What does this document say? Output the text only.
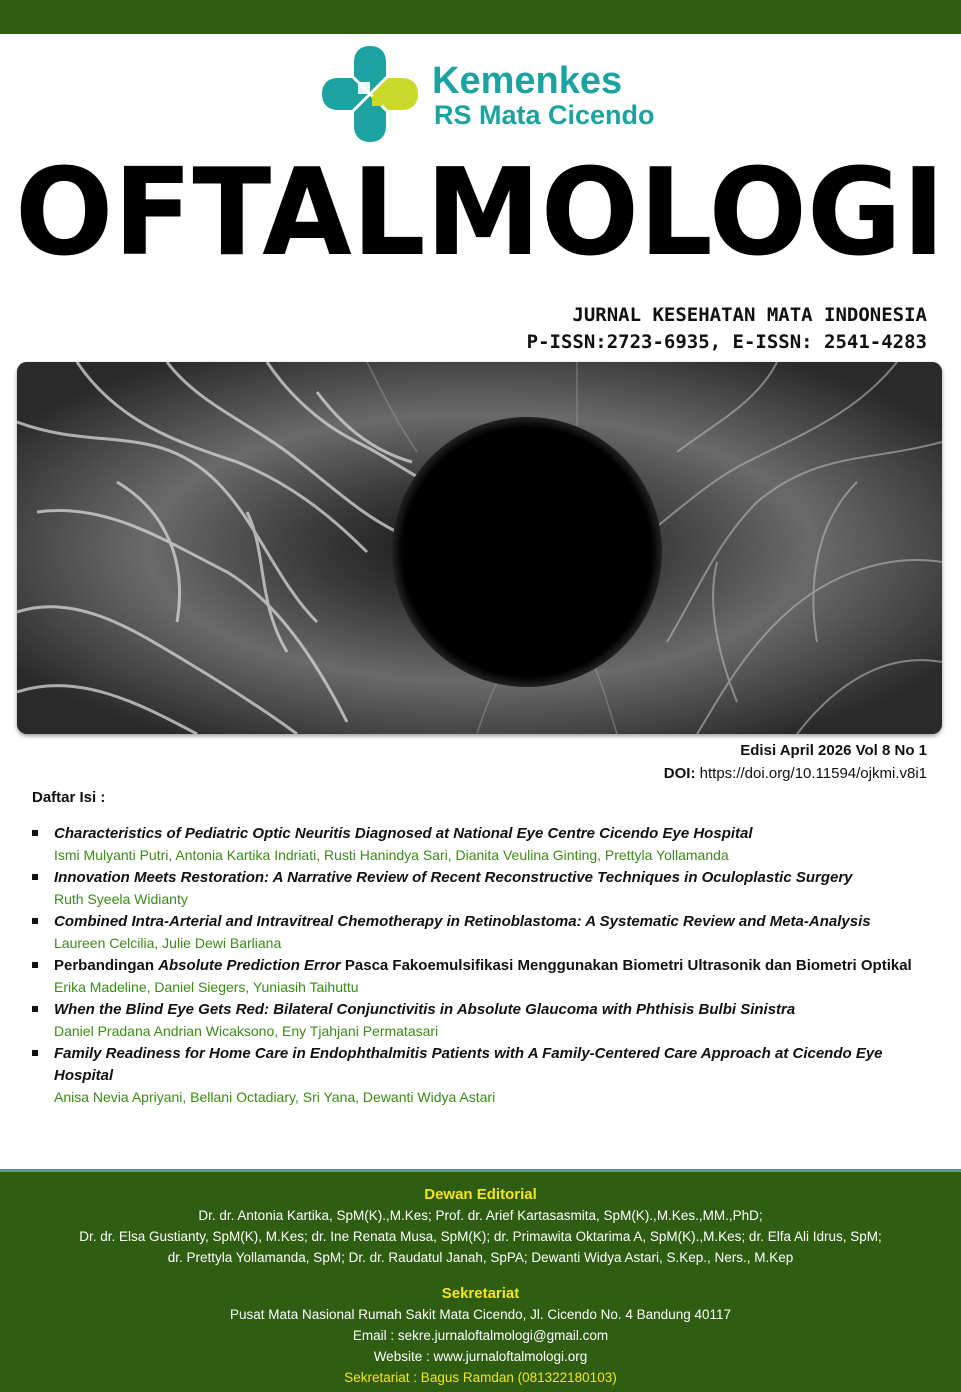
Kemenkes
RS Mata Cicendo
OFTALMOLOGI
JURNAL KESEHATAN MATA INDONESIA
P-ISSN:2723-6935, E-ISSN: 2541-4283
Edisi April 2026 Vol 8 No 1
DOI: https://doi.org/10.11594/ojkmi.v8i1
Daftar Isi :
Characteristics of Pediatric Optic Neuritis Diagnosed at National Eye Centre Cicendo Eye Hospital
Ismi Mulyanti Putri, Antonia Kartika Indriati, Rusti Hanindya Sari, Dianita Veulina Ginting, Prettyla Yollamanda
Innovation Meets Restoration: A Narrative Review of Recent Reconstructive Techniques in Oculoplastic Surgery
Ruth Syeela Widianty
Combined Intra-Arterial and Intravitreal Chemotherapy in Retinoblastoma: A Systematic Review and Meta-Analysis
Laureen Celcilia, Julie Dewi Barliana
Perbandingan Absolute Prediction Error Pasca Fakoemulsifikasi Menggunakan Biometri Ultrasonik dan Biometri Optikal
Erika Madeline, Daniel Siegers, Yuniasih Taihuttu
When the Blind Eye Gets Red: Bilateral Conjunctivitis in Absolute Glaucoma with Phthisis Bulbi Sinistra
Daniel Pradana Andrian Wicaksono, Eny Tjahjani Permatasari
Family Readiness for Home Care in Endophthalmitis Patients with A Family-Centered Care Approach at Cicendo Eye Hospital
Anisa Nevia Apriyani, Bellani Octadiary, Sri Yana, Dewanti Widya Astari
Dewan Editorial
Dr. dr. Antonia Kartika, SpM(K).,M.Kes; Prof. dr. Arief Kartasasmita, SpM(K).,M.Kes.,MM.,PhD;
Dr. dr. Elsa Gustianty, SpM(K), M.Kes; dr. Ine Renata Musa, SpM(K); dr. Primawita Oktarima A, SpM(K).,M.Kes; dr. Elfa Ali Idrus, SpM;
dr. Prettyla Yollamanda, SpM; Dr. dr. Raudatul Janah, SpPA; Dewanti Widya Astari, S.Kep., Ners., M.Kep
Sekretariat
Pusat Mata Nasional Rumah Sakit Mata Cicendo, Jl. Cicendo No. 4 Bandung 40117
Email : sekre.jurnaloftalmologi@gmail.com
Website : www.jurnaloftalmologi.org
Sekretariat : Bagus Ramdan (081322180103)
